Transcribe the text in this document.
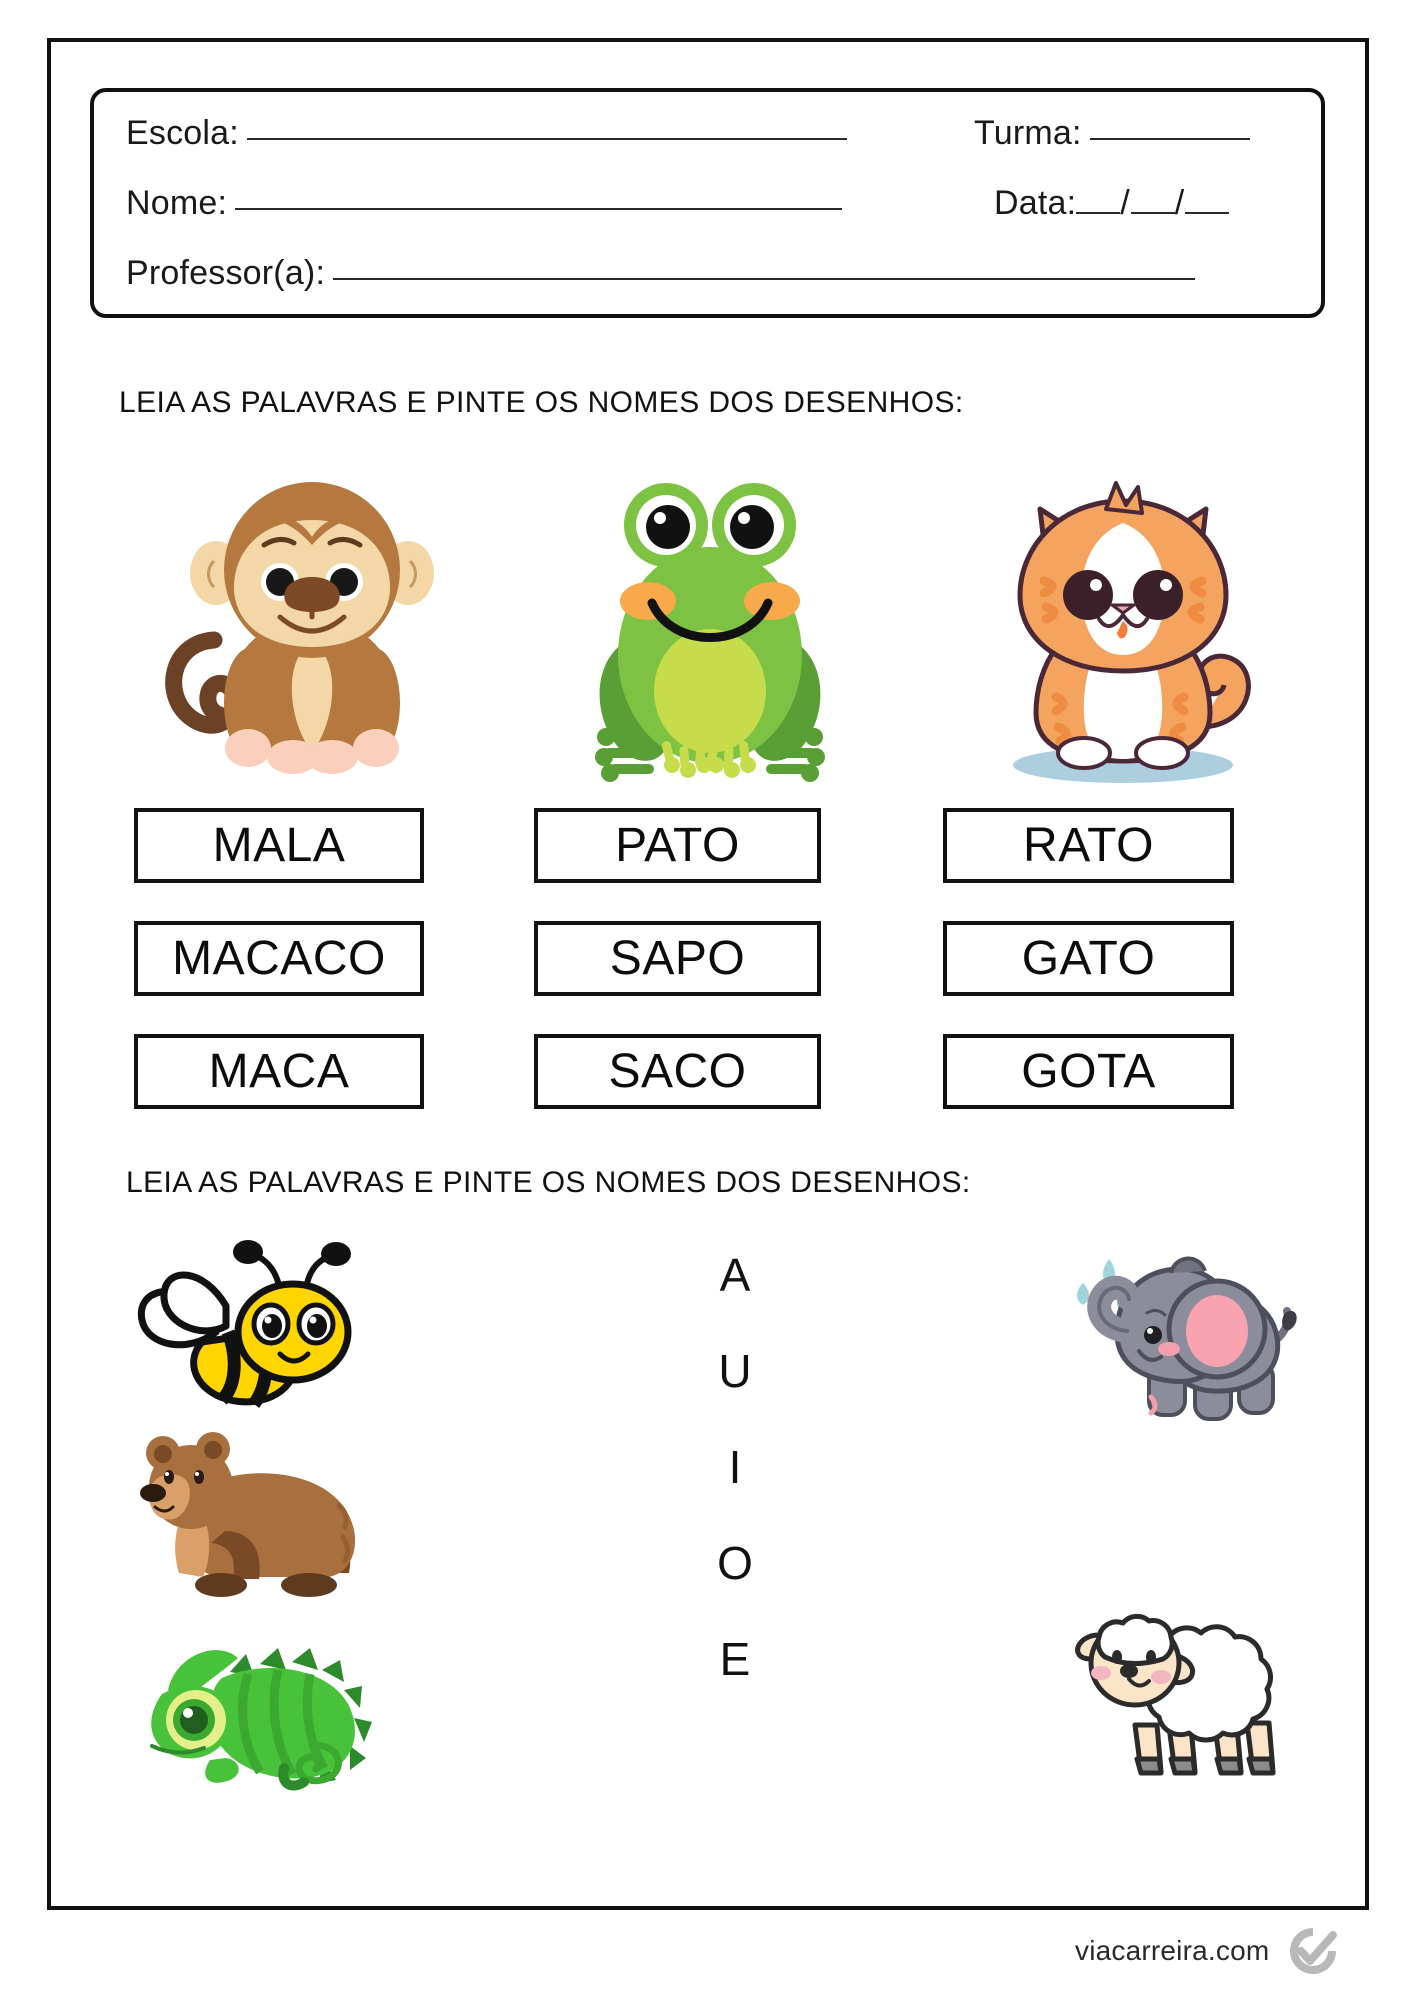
Escola:	Turma:
Nome:	Data:	/ /
Professor(a):
LEIA AS PALAVRAS E PINTE OS NOMES DOS DESENHOS:
MALA
MACACO
MACA
PATO
SAPO
SACO
RATO
GATO
GOTA
LEIA AS PALAVRAS E PINTE OS NOMES DOS DESENHOS:
A
U
I
O
E
viacarreira.com
